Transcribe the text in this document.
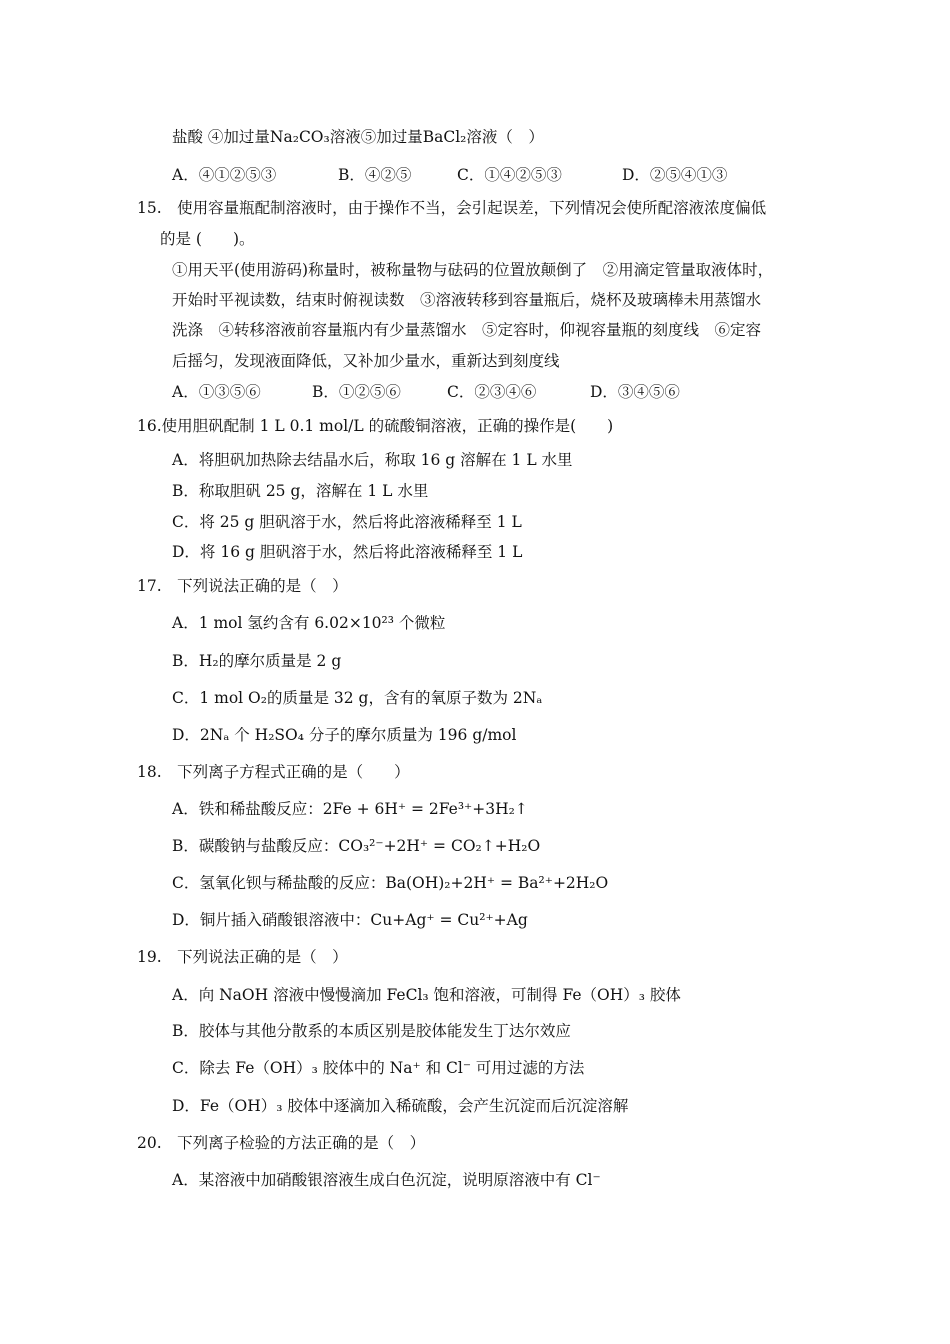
盐酸 ④加过量Na₂CO₃溶液⑤加过量BaCl₂溶液（　）
A．④①②⑤③	B．④②⑤	C．①④②⑤③	D．②⑤④①③
15.　使用容量瓶配制溶液时，由于操作不当，会引起误差，下列情况会使所配溶液浓度偏低
的是 (　　)。
①用天平(使用游码)称量时，被称量物与砝码的位置放颠倒了　②用滴定管量取液体时，
开始时平视读数，结束时俯视读数　③溶液转移到容量瓶后，烧杯及玻璃棒未用蒸馏水
洗涤　④转移溶液前容量瓶内有少量蒸馏水　⑤定容时，仰视容量瓶的刻度线　⑥定容
后摇匀，发现液面降低，又补加少量水，重新达到刻度线
A．①③⑤⑥	B．①②⑤⑥	C．②③④⑥	D．③④⑤⑥
16.使用胆矾配制 1 L 0.1 mol/L 的硫酸铜溶液，正确的操作是(　　)
A．将胆矾加热除去结晶水后，称取 16 g 溶解在 1 L 水里
B．称取胆矾 25 g，溶解在 1 L 水里
C．将 25 g 胆矾溶于水，然后将此溶液稀释至 1 L
D．将 16 g 胆矾溶于水，然后将此溶液稀释至 1 L
17.　下列说法正确的是（　）
A．1 mol 氢约含有 6.02×10²³ 个微粒
B．H₂的摩尔质量是 2 g
C．1 mol O₂的质量是 32 g，含有的氧原子数为 2Nₐ
D．2Nₐ 个 H₂SO₄ 分子的摩尔质量为 196 g/mol
18.　下列离子方程式正确的是（　　）
A．铁和稀盐酸反应：2Fe + 6H⁺ = 2Fe³⁺+3H₂↑
B．碳酸钠与盐酸反应：CO₃²⁻+2H⁺ = CO₂↑+H₂O
C．氢氧化钡与稀盐酸的反应：Ba(OH)₂+2H⁺ = Ba²⁺+2H₂O
D．铜片插入硝酸银溶液中：Cu+Ag⁺ = Cu²⁺+Ag
19.　下列说法正确的是（　）
A．向 NaOH 溶液中慢慢滴加 FeCl₃ 饱和溶液，可制得 Fe（OH）₃ 胶体
B．胶体与其他分散系的本质区别是胶体能发生丁达尔效应
C．除去 Fe（OH）₃ 胶体中的 Na⁺ 和 Cl⁻ 可用过滤的方法
D．Fe（OH）₃ 胶体中逐滴加入稀硫酸，会产生沉淀而后沉淀溶解
20.　下列离子检验的方法正确的是（　）
A．某溶液中加硝酸银溶液生成白色沉淀，说明原溶液中有 Cl⁻
